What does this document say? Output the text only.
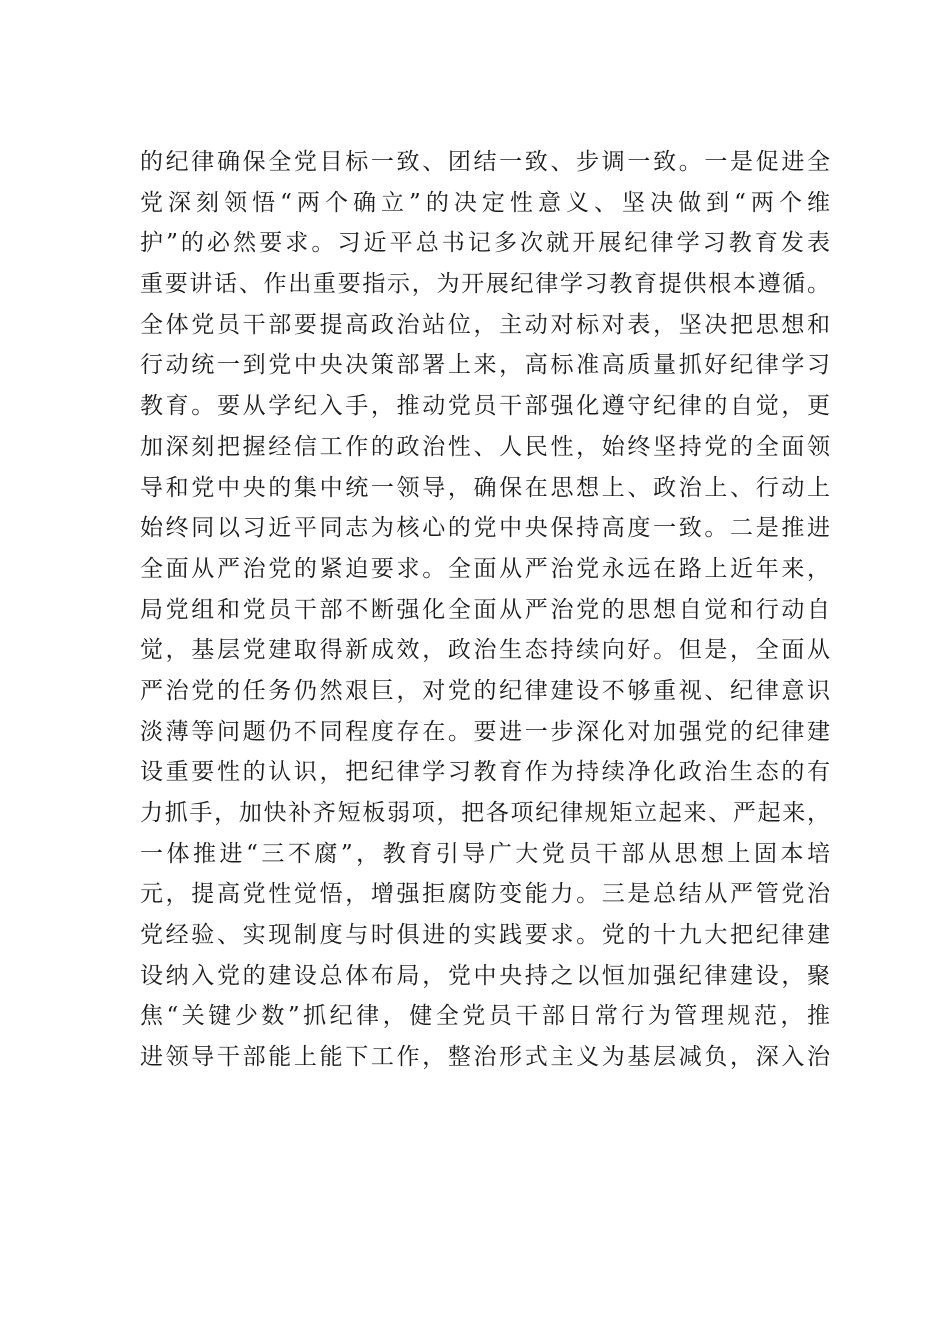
的纪律确保全党目标一致、团结一致、步调一致。一是促进全
党深刻领悟“两个确立”的决定性意义、坚决做到“两个维
护”的必然要求。习近平总书记多次就开展纪律学习教育发表
重要讲话、作出重要指示，为开展纪律学习教育提供根本遵循。
全体党员干部要提高政治站位，主动对标对表，坚决把思想和
行动统一到党中央决策部署上来，高标准高质量抓好纪律学习
教育。要从学纪入手，推动党员干部强化遵守纪律的自觉，更
加深刻把握经信工作的政治性、人民性，始终坚持党的全面领
导和党中央的集中统一领导，确保在思想上、政治上、行动上
始终同以习近平同志为核心的党中央保持高度一致。二是推进
全面从严治党的紧迫要求。全面从严治党永远在路上近年来，
局党组和党员干部不断强化全面从严治党的思想自觉和行动自
觉，基层党建取得新成效，政治生态持续向好。但是，全面从
严治党的任务仍然艰巨，对党的纪律建设不够重视、纪律意识
淡薄等问题仍不同程度存在。要进一步深化对加强党的纪律建
设重要性的认识，把纪律学习教育作为持续净化政治生态的有
力抓手，加快补齐短板弱项，把各项纪律规矩立起来、严起来，
一体推进“三不腐”，教育引导广大党员干部从思想上固本培
元，提高党性觉悟，增强拒腐防变能力。三是总结从严管党治
党经验、实现制度与时俱进的实践要求。党的十九大把纪律建
设纳入党的建设总体布局，党中央持之以恒加强纪律建设，聚
焦“关键少数”抓纪律，健全党员干部日常行为管理规范，推
进领导干部能上能下工作，整治形式主义为基层减负，深入治
